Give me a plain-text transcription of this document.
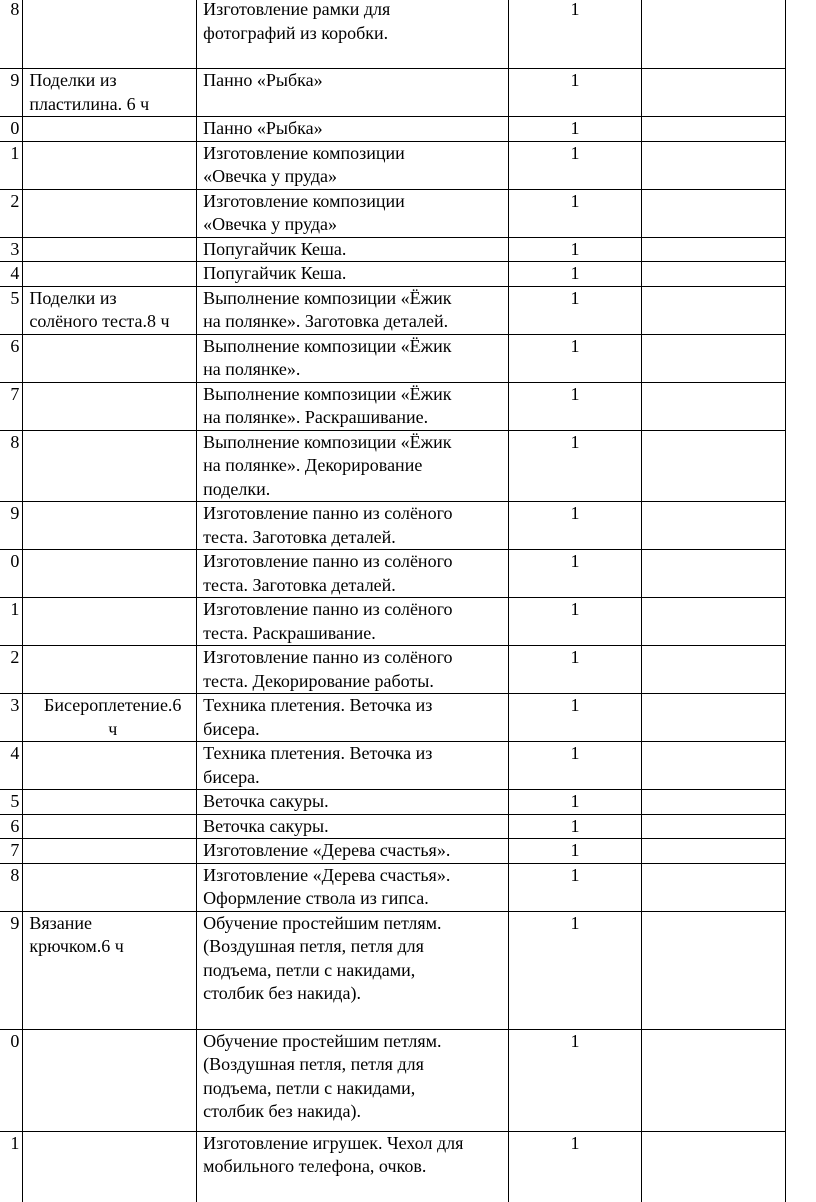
8		Изготовление рамки для
фотографий из коробки.	1	
9	Поделки из
пластилина. 6 ч	Панно «Рыбка»	1	
0		Панно «Рыбка»	1	
1		Изготовление композиции
«Овечка у пруда»	1	
2		Изготовление композиции
«Овечка у пруда»	1	
3		Попугайчик Кеша.	1	
4		Попугайчик Кеша.	1	
5	Поделки из
солёного теста.8 ч	Выполнение композиции «Ёжик
на полянке». Заготовка деталей.	1	
6		Выполнение композиции «Ёжик
на полянке».	1	
7		Выполнение композиции «Ёжик
на полянке». Раскрашивание.	1	
8		Выполнение композиции «Ёжик
на полянке». Декорирование
поделки.	1	
9		Изготовление панно из солёного
теста. Заготовка деталей.	1	
0		Изготовление панно из солёного
теста. Заготовка деталей.	1	
1		Изготовление панно из солёного
теста. Раскрашивание.	1	
2		Изготовление панно из солёного
теста. Декорирование работы.	1	
3	Бисероплетение.6
ч	Техника плетения. Веточка из
бисера.	1	
4		Техника плетения. Веточка из
бисера.	1	
5		Веточка сакуры.	1	
6		Веточка сакуры.	1	
7		Изготовление «Дерева счастья».	1	
8		Изготовление «Дерева счастья».
Оформление ствола из гипса.	1	
9	Вязание
крючком.6 ч	Обучение простейшим петлям.
(Воздушная петля, петля для
подъема, петли с накидами,
столбик без накида).	1	
0		Обучение простейшим петлям.
(Воздушная петля, петля для
подъема, петли с накидами,
столбик без накида).	1	
1		Изготовление игрушек. Чехол для
мобильного телефона, очков.	1	
